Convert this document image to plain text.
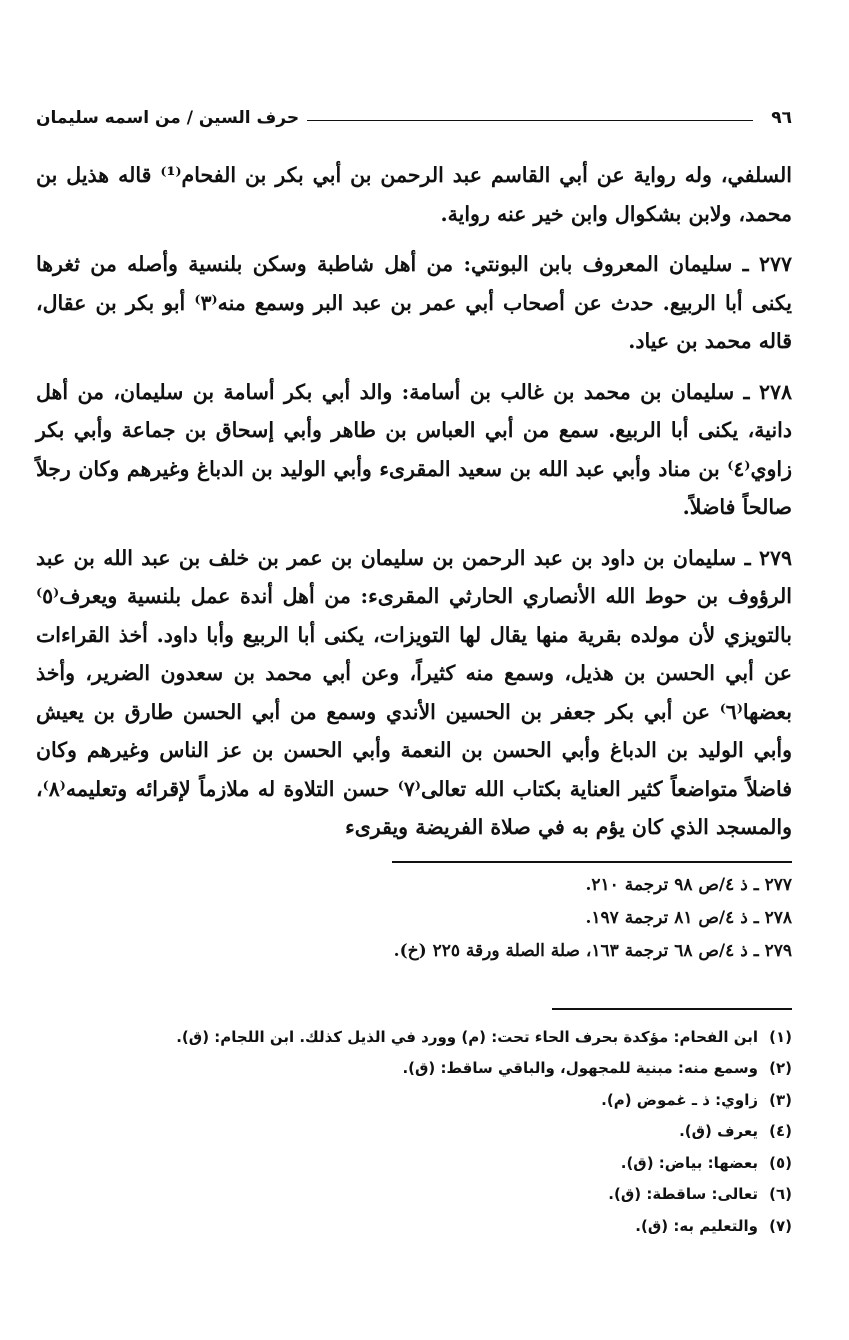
٩٦
حرف السين / من اسمه سليمان

السلفي، وله رواية عن أبي القاسم عبد الرحمن بن أبي بكر بن الفحام⁽¹⁾ قاله هذيل بن محمد، ولابن بشكوال وابن خير عنه رواية.

٢٧٧ ـ سليمان المعروف بابن البونتي: من أهل شاطبة وسكن بلنسية وأصله من ثغرها يكنى أبا الربيع. حدث عن أصحاب أبي عمر بن عبد البر وسمع منه⁽٣⁾ أبو بكر بن عقال، قاله محمد بن عياد.

٢٧٨ ـ سليمان بن محمد بن غالب بن أسامة: والد أبي بكر أسامة بن سليمان، من أهل دانية، يكنى أبا الربيع. سمع من أبي العباس بن طاهر وأبي إسحاق بن جماعة وأبي بكر زاوي⁽٤⁾ بن مناد وأبي عبد الله بن سعيد المقرىء وأبي الوليد بن الدباغ وغيرهم وكان رجلاً صالحاً فاضلاً.

٢٧٩ ـ سليمان بن داود بن عبد الرحمن بن سليمان بن عمر بن خلف بن عبد الله بن عبد الرؤوف بن حوط الله الأنصاري الحارثي المقرىء: من أهل أندة عمل بلنسية ويعرف⁽٥⁾ بالتويزي لأن مولده بقرية منها يقال لها التويزات، يكنى أبا الربيع وأبا داود. أخذ القراءات عن أبي الحسن بن هذيل، وسمع منه كثيراً، وعن أبي محمد بن سعدون الضرير، وأخذ بعضها⁽٦⁾ عن أبي بكر جعفر بن الحسين الأندي وسمع من أبي الحسن طارق بن يعيش وأبي الوليد بن الدباغ وأبي الحسن بن النعمة وأبي الحسن بن عز الناس وغيرهم وكان فاضلاً متواضعاً كثير العناية بكتاب الله تعالى⁽٧⁾ حسن التلاوة له ملازماً لإقرائه وتعليمه⁽٨⁾، والمسجد الذي كان يؤم به في صلاة الفريضة ويقرىء

٢٧٧ ـ ذ ٤/ص ٩٨ ترجمة ٢١٠.
٢٧٨ ـ ذ ٤/ص ٨١ ترجمة ١٩٧.
٢٧٩ ـ ذ ٤/ص ٦٨ ترجمة ١٦٣، صلة الصلة ورقة ٢٢٥ (خ).
(١)
ابن الفحام: مؤكدة بحرف الحاء تحت: (م) وورد في الذيل كذلك. ابن اللجام: (ق).
(٢)
وسمع منه: مبنية للمجهول، والباقي ساقط: (ق).
(٣)
زاوي: ذ ـ غموض (م).
(٤)
يعرف (ق).
(٥)
بعضها: بياض: (ق).
(٦)
تعالى: ساقطة: (ق).
(٧)
والتعليم به: (ق).
